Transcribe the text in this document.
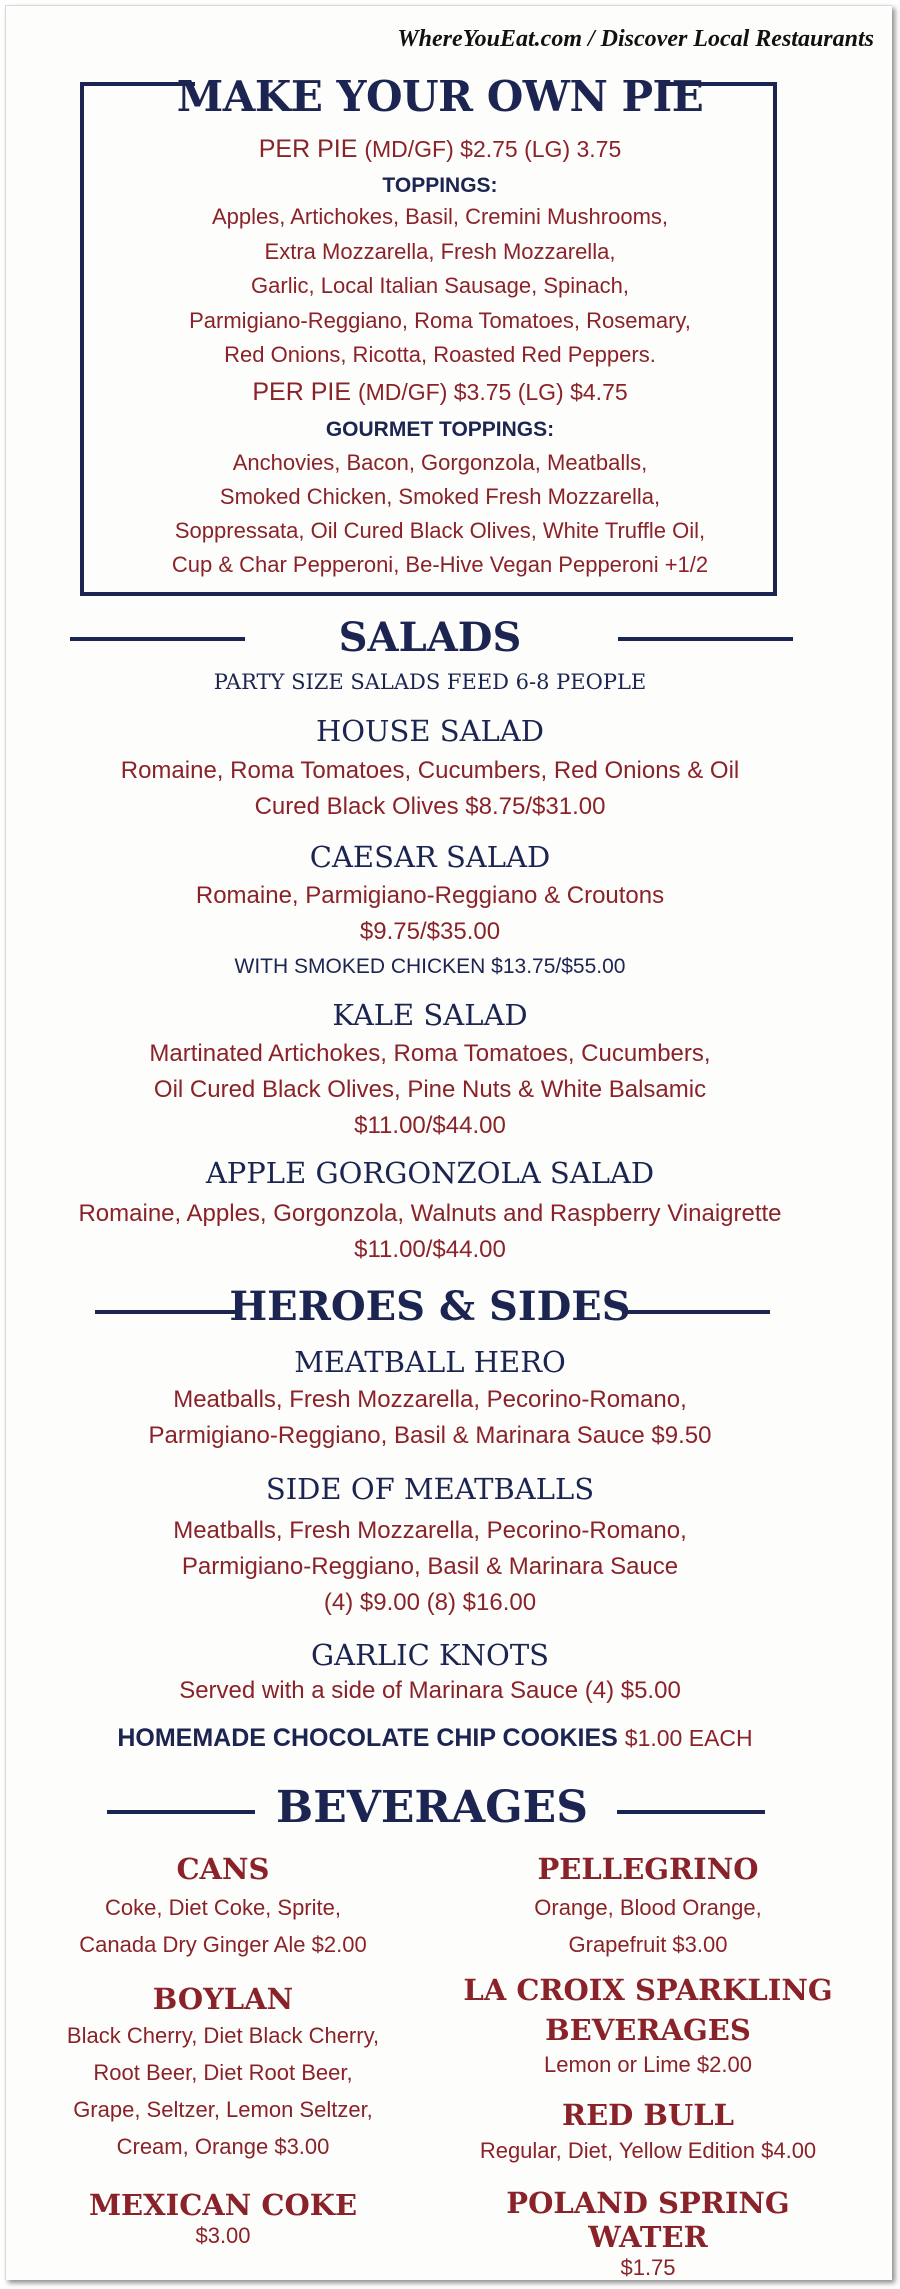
WhereYouEat.com / Discover Local Restaurants
MAKE YOUR OWN PIE
PER PIE (MD/GF) $2.75 (LG) 3.75
TOPPINGS:
Apples, Artichokes, Basil, Cremini Mushrooms,
Extra Mozzarella, Fresh Mozzarella,
Garlic, Local Italian Sausage, Spinach,
Parmigiano-Reggiano, Roma Tomatoes, Rosemary,
Red Onions, Ricotta, Roasted Red Peppers.
PER PIE (MD/GF) $3.75 (LG) $4.75
GOURMET TOPPINGS:
Anchovies, Bacon, Gorgonzola, Meatballs,
Smoked Chicken, Smoked Fresh Mozzarella,
Soppressata, Oil Cured Black Olives, White Truffle Oil,
Cup & Char Pepperoni, Be-Hive Vegan Pepperoni +1/2
SALADS
PARTY SIZE SALADS FEED 6-8 PEOPLE
HOUSE SALAD
Romaine, Roma Tomatoes, Cucumbers, Red Onions & Oil
Cured Black Olives $8.75/$31.00
CAESAR SALAD
Romaine, Parmigiano-Reggiano & Croutons
$9.75/$35.00
WITH SMOKED CHICKEN $13.75/$55.00
KALE SALAD
Martinated Artichokes, Roma Tomatoes, Cucumbers,
Oil Cured Black Olives, Pine Nuts & White Balsamic
$11.00/$44.00
APPLE GORGONZOLA SALAD
Romaine, Apples, Gorgonzola, Walnuts and Raspberry Vinaigrette
$11.00/$44.00
HEROES & SIDES
MEATBALL HERO
Meatballs, Fresh Mozzarella, Pecorino-Romano,
Parmigiano-Reggiano, Basil & Marinara Sauce $9.50
SIDE OF MEATBALLS
Meatballs, Fresh Mozzarella, Pecorino-Romano,
Parmigiano-Reggiano, Basil & Marinara Sauce
(4) $9.00 (8) $16.00
GARLIC KNOTS
Served with a side of Marinara Sauce (4) $5.00
HOMEMADE CHOCOLATE CHIP COOKIES $1.00 EACH
BEVERAGES
CANS
Coke, Diet Coke, Sprite,
Canada Dry Ginger Ale $2.00
BOYLAN
Black Cherry, Diet Black Cherry,
Root Beer, Diet Root Beer,
Grape, Seltzer, Lemon Seltzer,
Cream, Orange $3.00
MEXICAN COKE
$3.00
PELLEGRINO
Orange, Blood Orange,
Grapefruit $3.00
LA CROIX SPARKLING
BEVERAGES
Lemon or Lime $2.00
RED BULL
Regular, Diet, Yellow Edition $4.00
POLAND SPRING WATER
$1.75
